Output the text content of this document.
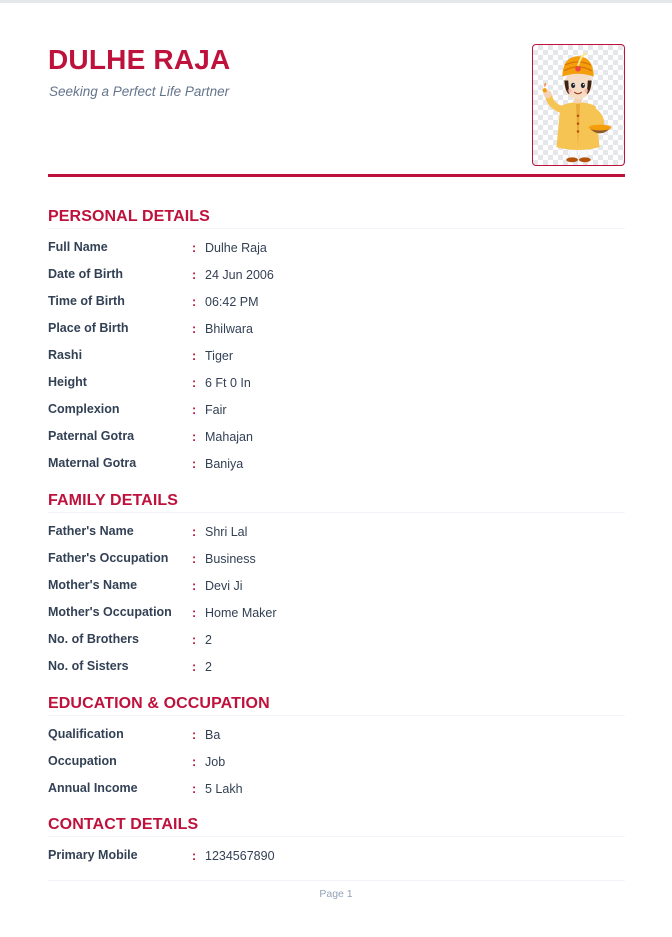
DULHE RAJA
Seeking a Perfect Life Partner
PERSONAL DETAILS
Full Name	: Dulhe Raja
Date of Birth	: 24 Jun 2006
Time of Birth	: 06:42 PM
Place of Birth	: Bhilwara
Rashi	: Tiger
Height	: 6 Ft 0 In
Complexion	: Fair
Paternal Gotra	: Mahajan
Maternal Gotra	: Baniya
FAMILY DETAILS
Father's Name	: Shri Lal
Father's Occupation : Business
Mother's Name	: Devi Ji
Mother's Occupation : Home Maker
No. of Brothers	: 2
No. of Sisters	: 2
EDUCATION & OCCUPATION
Qualification	: Ba
Occupation	: Job
Annual Income	: 5 Lakh
CONTACT DETAILS
Primary Mobile	: 1234567890
Page 1
